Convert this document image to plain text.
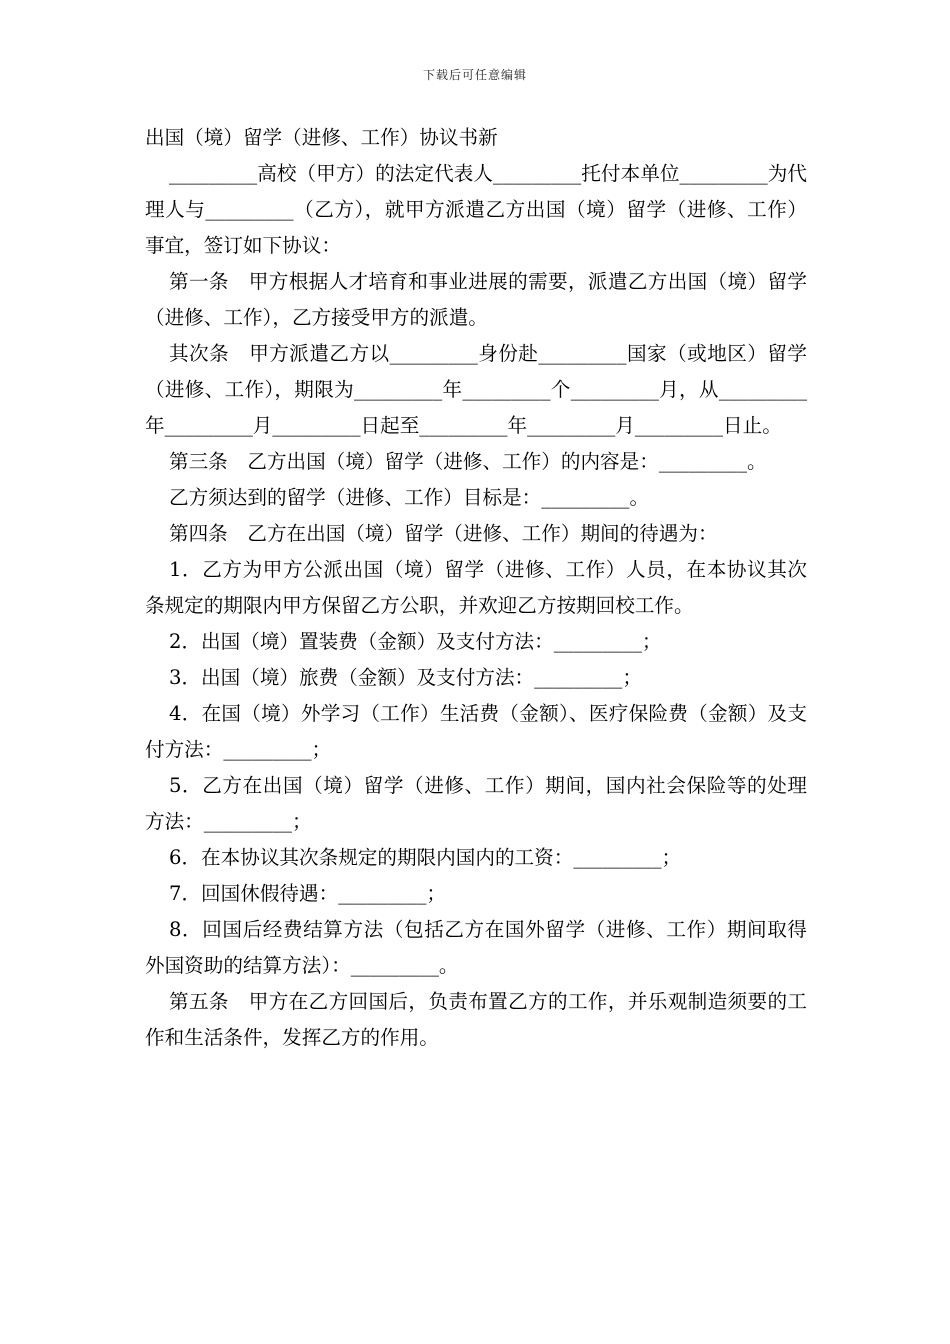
下载后可任意编辑

出国（境）留学（进修、工作）协议书新

_________高校（甲方）的法定代表人_________托付本单位_________为代理人与_________（乙方），就甲方派遣乙方出国（境）留学（进修、工作）事宜，签订如下协议：

第一条　甲方根据人才培育和事业进展的需要，派遣乙方出国（境）留学（进修、工作），乙方接受甲方的派遣。

其次条　甲方派遣乙方以_________身份赴_________国家（或地区）留学（进修、工作），期限为_________年_________个_________月，从_________年_________月_________日起至_________年_________月_________日止。

第三条　乙方出国（境）留学（进修、工作）的内容是：_________。

乙方须达到的留学（进修、工作）目标是：_________。

第四条　乙方在出国（境）留学（进修、工作）期间的待遇为：

1．乙方为甲方公派出国（境）留学（进修、工作）人员，在本协议其次条规定的期限内甲方保留乙方公职，并欢迎乙方按期回校工作。

2．出国（境）置装费（金额）及支付方法：_________；

3．出国（境）旅费（金额）及支付方法：_________；

4．在国（境）外学习（工作）生活费（金额）、医疗保险费（金额）及支付方法：_________；

5．乙方在出国（境）留学（进修、工作）期间，国内社会保险等的处理方法：_________；

6．在本协议其次条规定的期限内国内的工资：_________；

7．回国休假待遇：_________；

8．回国后经费结算方法（包括乙方在国外留学（进修、工作）期间取得外国资助的结算方法）：_________。

第五条　甲方在乙方回国后，负责布置乙方的工作，并乐观制造须要的工作和生活条件，发挥乙方的作用。
